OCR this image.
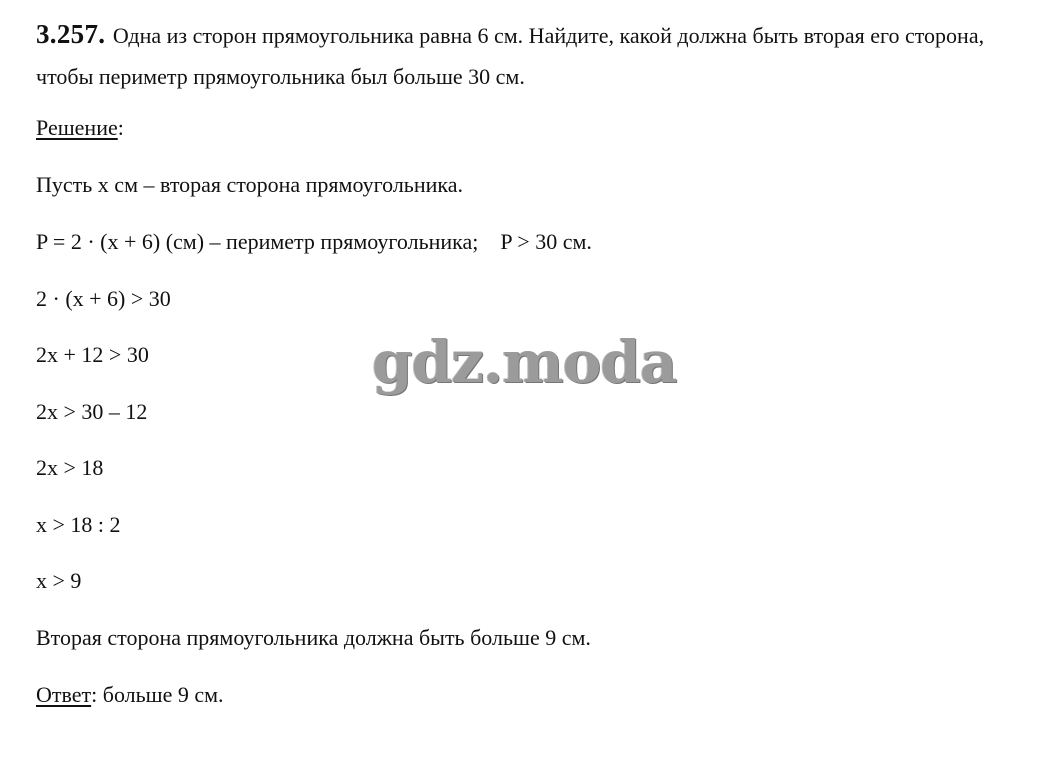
3.257. Одна из сторон прямоугольника равна 6 см. Найдите, какой должна быть вторая его сторона, чтобы периметр прямоугольника был больше 30 см.

Решение:
Пусть x см – вторая сторона прямоугольника.
P = 2 · (x + 6) (см) – периметр прямоугольника; P > 30 см.
2 · (x + 6) > 30
2x + 12 > 30
2x > 30 – 12
2x > 18
x > 18 : 2
x > 9
Вторая сторона прямоугольника должна быть больше 9 см.
Ответ: больше 9 см.
gdz.moda
